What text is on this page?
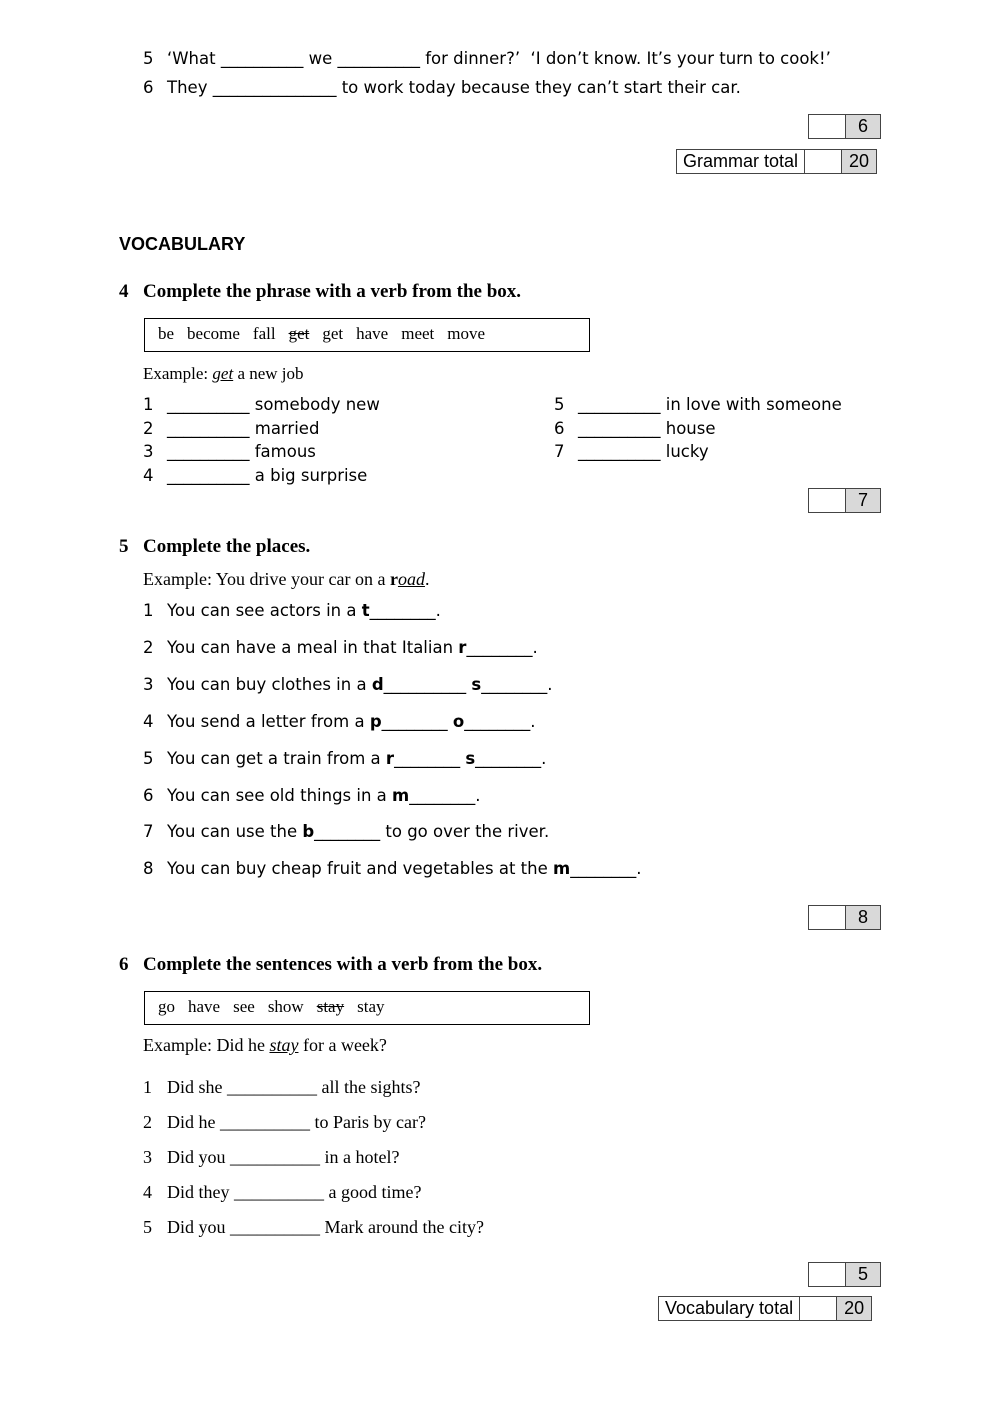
5 ‘What __________ we __________ for dinner?’  ‘I don’t know. It’s your turn to cook!’
6 They _______________ to work today because they can’t start their car.
6
Grammar total	20
VOCABULARY
4 Complete the phrase with a verb from the box.
be become fall get get have meet move
Example: get a new job
1 __________ somebody new
2 __________ married
3 __________ famous
4 __________ a big surprise
5 __________ in love with someone
6 __________ house
7 __________ lucky
7
5 Complete the places.
Example: You drive your car on a road.
1 You can see actors in a t________.
2 You can have a meal in that Italian r________.
3 You can buy clothes in a d__________ s________.
4 You send a letter from a p________ o________.
5 You can get a train from a r________ s________.
6 You can see old things in a m________.
7 You can use the b________ to go over the river.
8 You can buy cheap fruit and vegetables at the m________.
8
6 Complete the sentences with a verb from the box.
go have see show stay stay
Example: Did he stay for a week?
1 Did she __________ all the sights?
2 Did he __________ to Paris by car?
3 Did you __________ in a hotel?
4 Did they __________ a good time?
5 Did you __________ Mark around the city?
5
Vocabulary total	20
